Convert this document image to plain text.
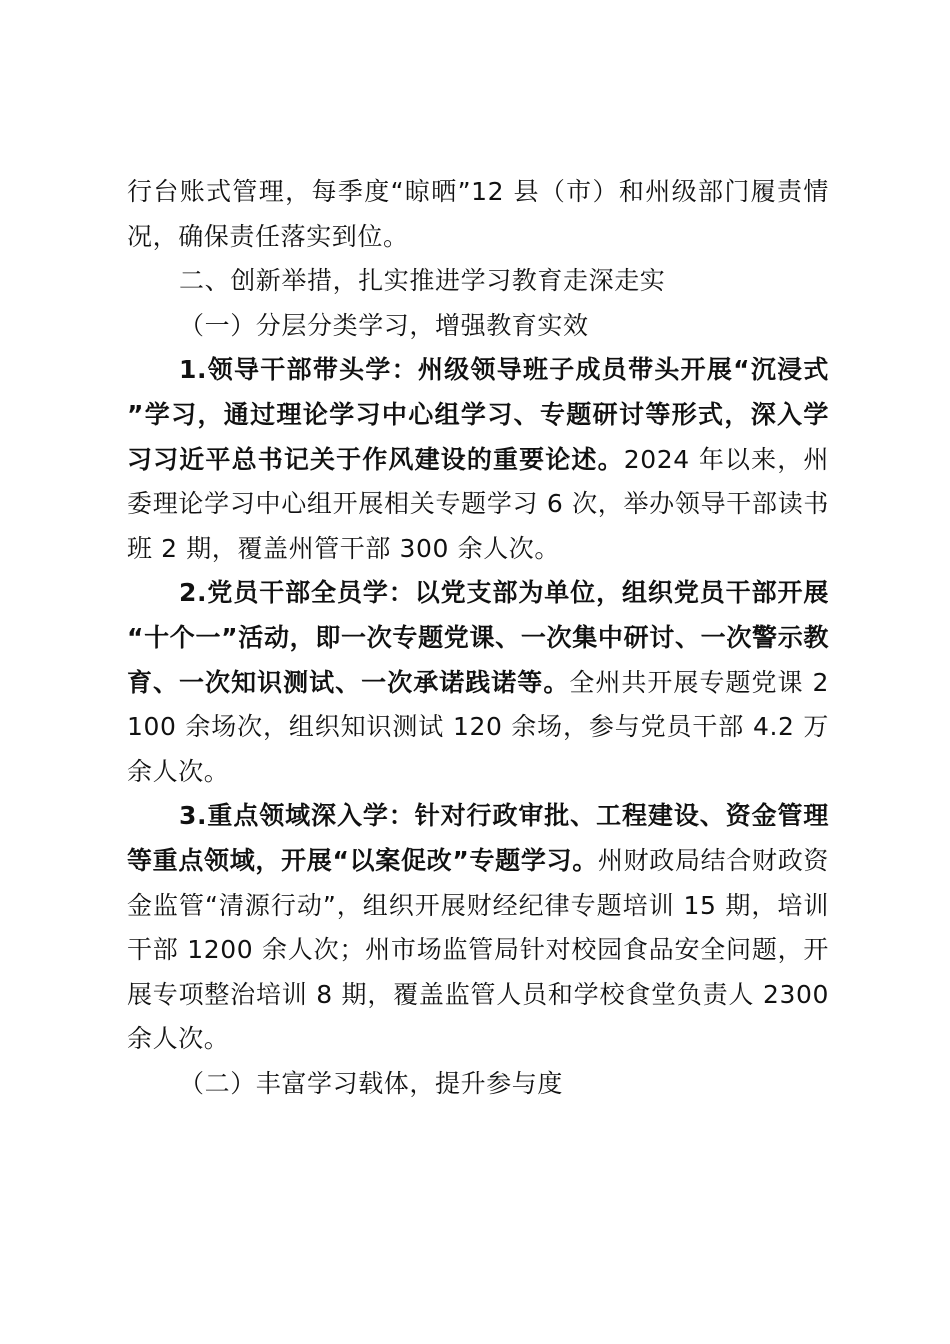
行台账式管理，每季度“晾晒”12 县（市）和州级部门履责情况，确保责任落实到位。

二、创新举措，扎实推进学习教育走深走实

（一）分层分类学习，增强教育实效

1.领导干部带头学：州级领导班子成员带头开展“沉浸式”学习，通过理论学习中心组学习、专题研讨等形式，深入学习习近平总书记关于作风建设的重要论述。2024 年以来，州委理论学习中心组开展相关专题学习 6 次，举办领导干部读书班 2 期，覆盖州管干部 300 余人次。

2.党员干部全员学：以党支部为单位，组织党员干部开展“十个一”活动，即一次专题党课、一次集中研讨、一次警示教育、一次知识测试、一次承诺践诺等。全州共开展专题党课 2100 余场次，组织知识测试 120 余场，参与党员干部 4.2 万余人次。

3.重点领域深入学：针对行政审批、工程建设、资金管理等重点领域，开展“以案促改”专题学习。州财政局结合财政资金监管“清源行动”，组织开展财经纪律专题培训 15 期，培训干部 1200 余人次；州市场监管局针对校园食品安全问题，开展专项整治培训 8 期，覆盖监管人员和学校食堂负责人 2300 余人次。

（二）丰富学习载体，提升参与度
